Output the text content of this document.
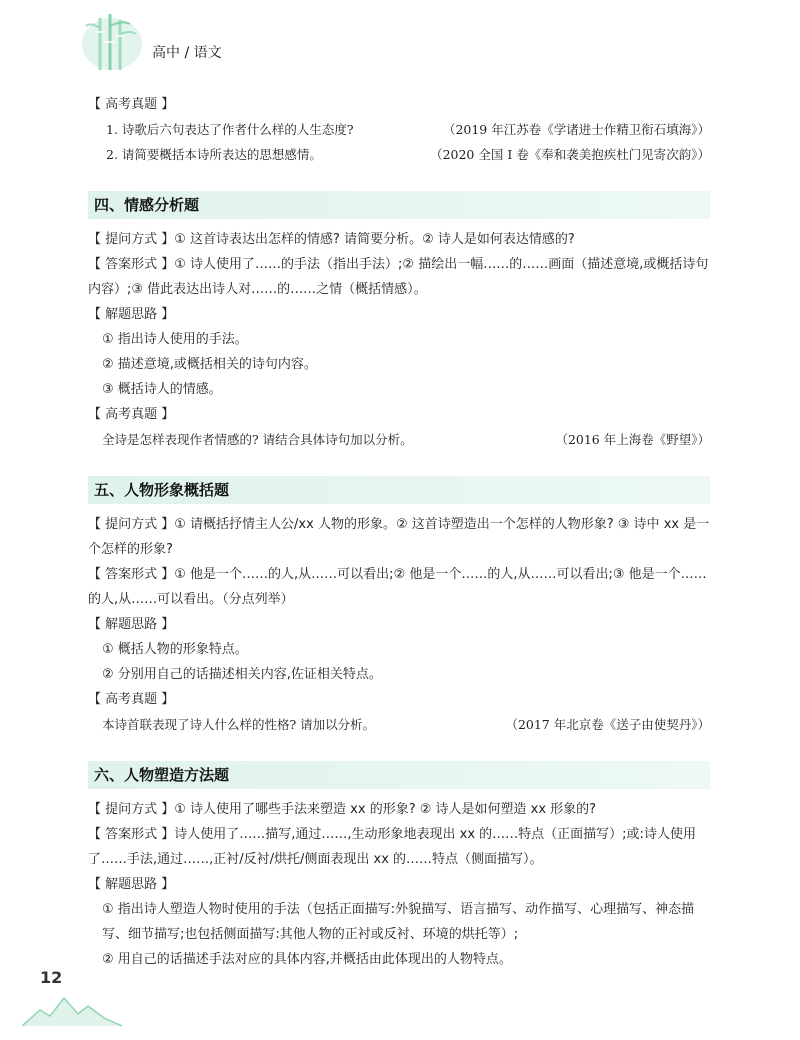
高中 / 语文
【 高考真题 】
1. 诗歌后六句表达了作者什么样的人生态度?	（2019 年江苏卷《学诸进士作精卫衔石填海》）
2. 请简要概括本诗所表达的思想感情。	（2020 全国 Ⅰ 卷《奉和袭美抱疾杜门见寄次韵》）
四、情感分析题
【 提问方式 】① 这首诗表达出怎样的情感? 请简要分析。② 诗人是如何表达情感的?
【 答案形式 】① 诗人使用了……的手法（指出手法）;② 描绘出一幅……的……画面（描述意境,或概括诗句内容）;③ 借此表达出诗人对……的……之情（概括情感）。
【 解题思路 】
① 指出诗人使用的手法。
② 描述意境,或概括相关的诗句内容。
③ 概括诗人的情感。
【 高考真题 】
全诗是怎样表现作者情感的? 请结合具体诗句加以分析。	（2016 年上海卷《野望》）
五、人物形象概括题
【 提问方式 】① 请概括抒情主人公/xx 人物的形象。② 这首诗塑造出一个怎样的人物形象? ③ 诗中 xx 是一个怎样的形象?
【 答案形式 】① 他是一个……的人,从……可以看出;② 他是一个……的人,从……可以看出;③ 他是一个……的人,从……可以看出。（分点列举）
【 解题思路 】
① 概括人物的形象特点。
② 分别用自己的话描述相关内容,佐证相关特点。
【 高考真题 】
本诗首联表现了诗人什么样的性格? 请加以分析。	（2017 年北京卷《送子由使契丹》）
六、人物塑造方法题
【 提问方式 】① 诗人使用了哪些手法来塑造 xx 的形象? ② 诗人是如何塑造 xx 形象的?
【 答案形式 】诗人使用了……描写,通过……,生动形象地表现出 xx 的……特点（正面描写）;或:诗人使用了……手法,通过……,正衬/反衬/烘托/侧面表现出 xx 的……特点（侧面描写）。
【 解题思路 】
① 指出诗人塑造人物时使用的手法（包括正面描写:外貌描写、语言描写、动作描写、心理描写、神态描写、细节描写;也包括侧面描写:其他人物的正衬或反衬、环境的烘托等）;
② 用自己的话描述手法对应的具体内容,并概括由此体现出的人物特点。
12
